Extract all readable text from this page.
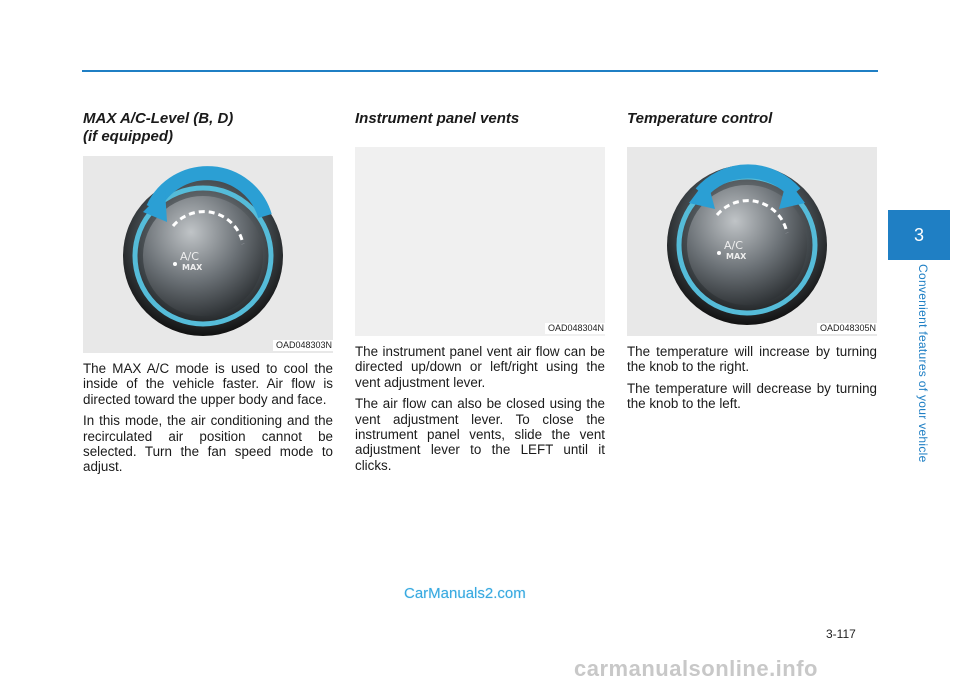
MAX A/C-Level (B, D)
(if equipped)
A/C
MAX
OAD048303N

The MAX A/C mode is used to cool the inside of the vehicle faster. Air flow is directed toward the upper body and face.

In this mode, the air conditioning and the recirculated air position cannot be selected. Turn the fan speed mode to adjust.

Instrument panel vents
OAD048304N

The instrument panel vent air flow can be directed up/down or left/right using the vent adjustment lever.

The air flow can also be closed using the vent adjustment lever. To close the instrument panel vents, slide the vent adjustment lever to the LEFT until it clicks.

Temperature control
A/C
MAX
OAD048305N

The temperature will increase by turning the knob to the right.

The temperature will decrease by turning the knob to the left.

3
Convenient features of your vehicle
3-117
CarManuals2.com
carmanualsonline.info
